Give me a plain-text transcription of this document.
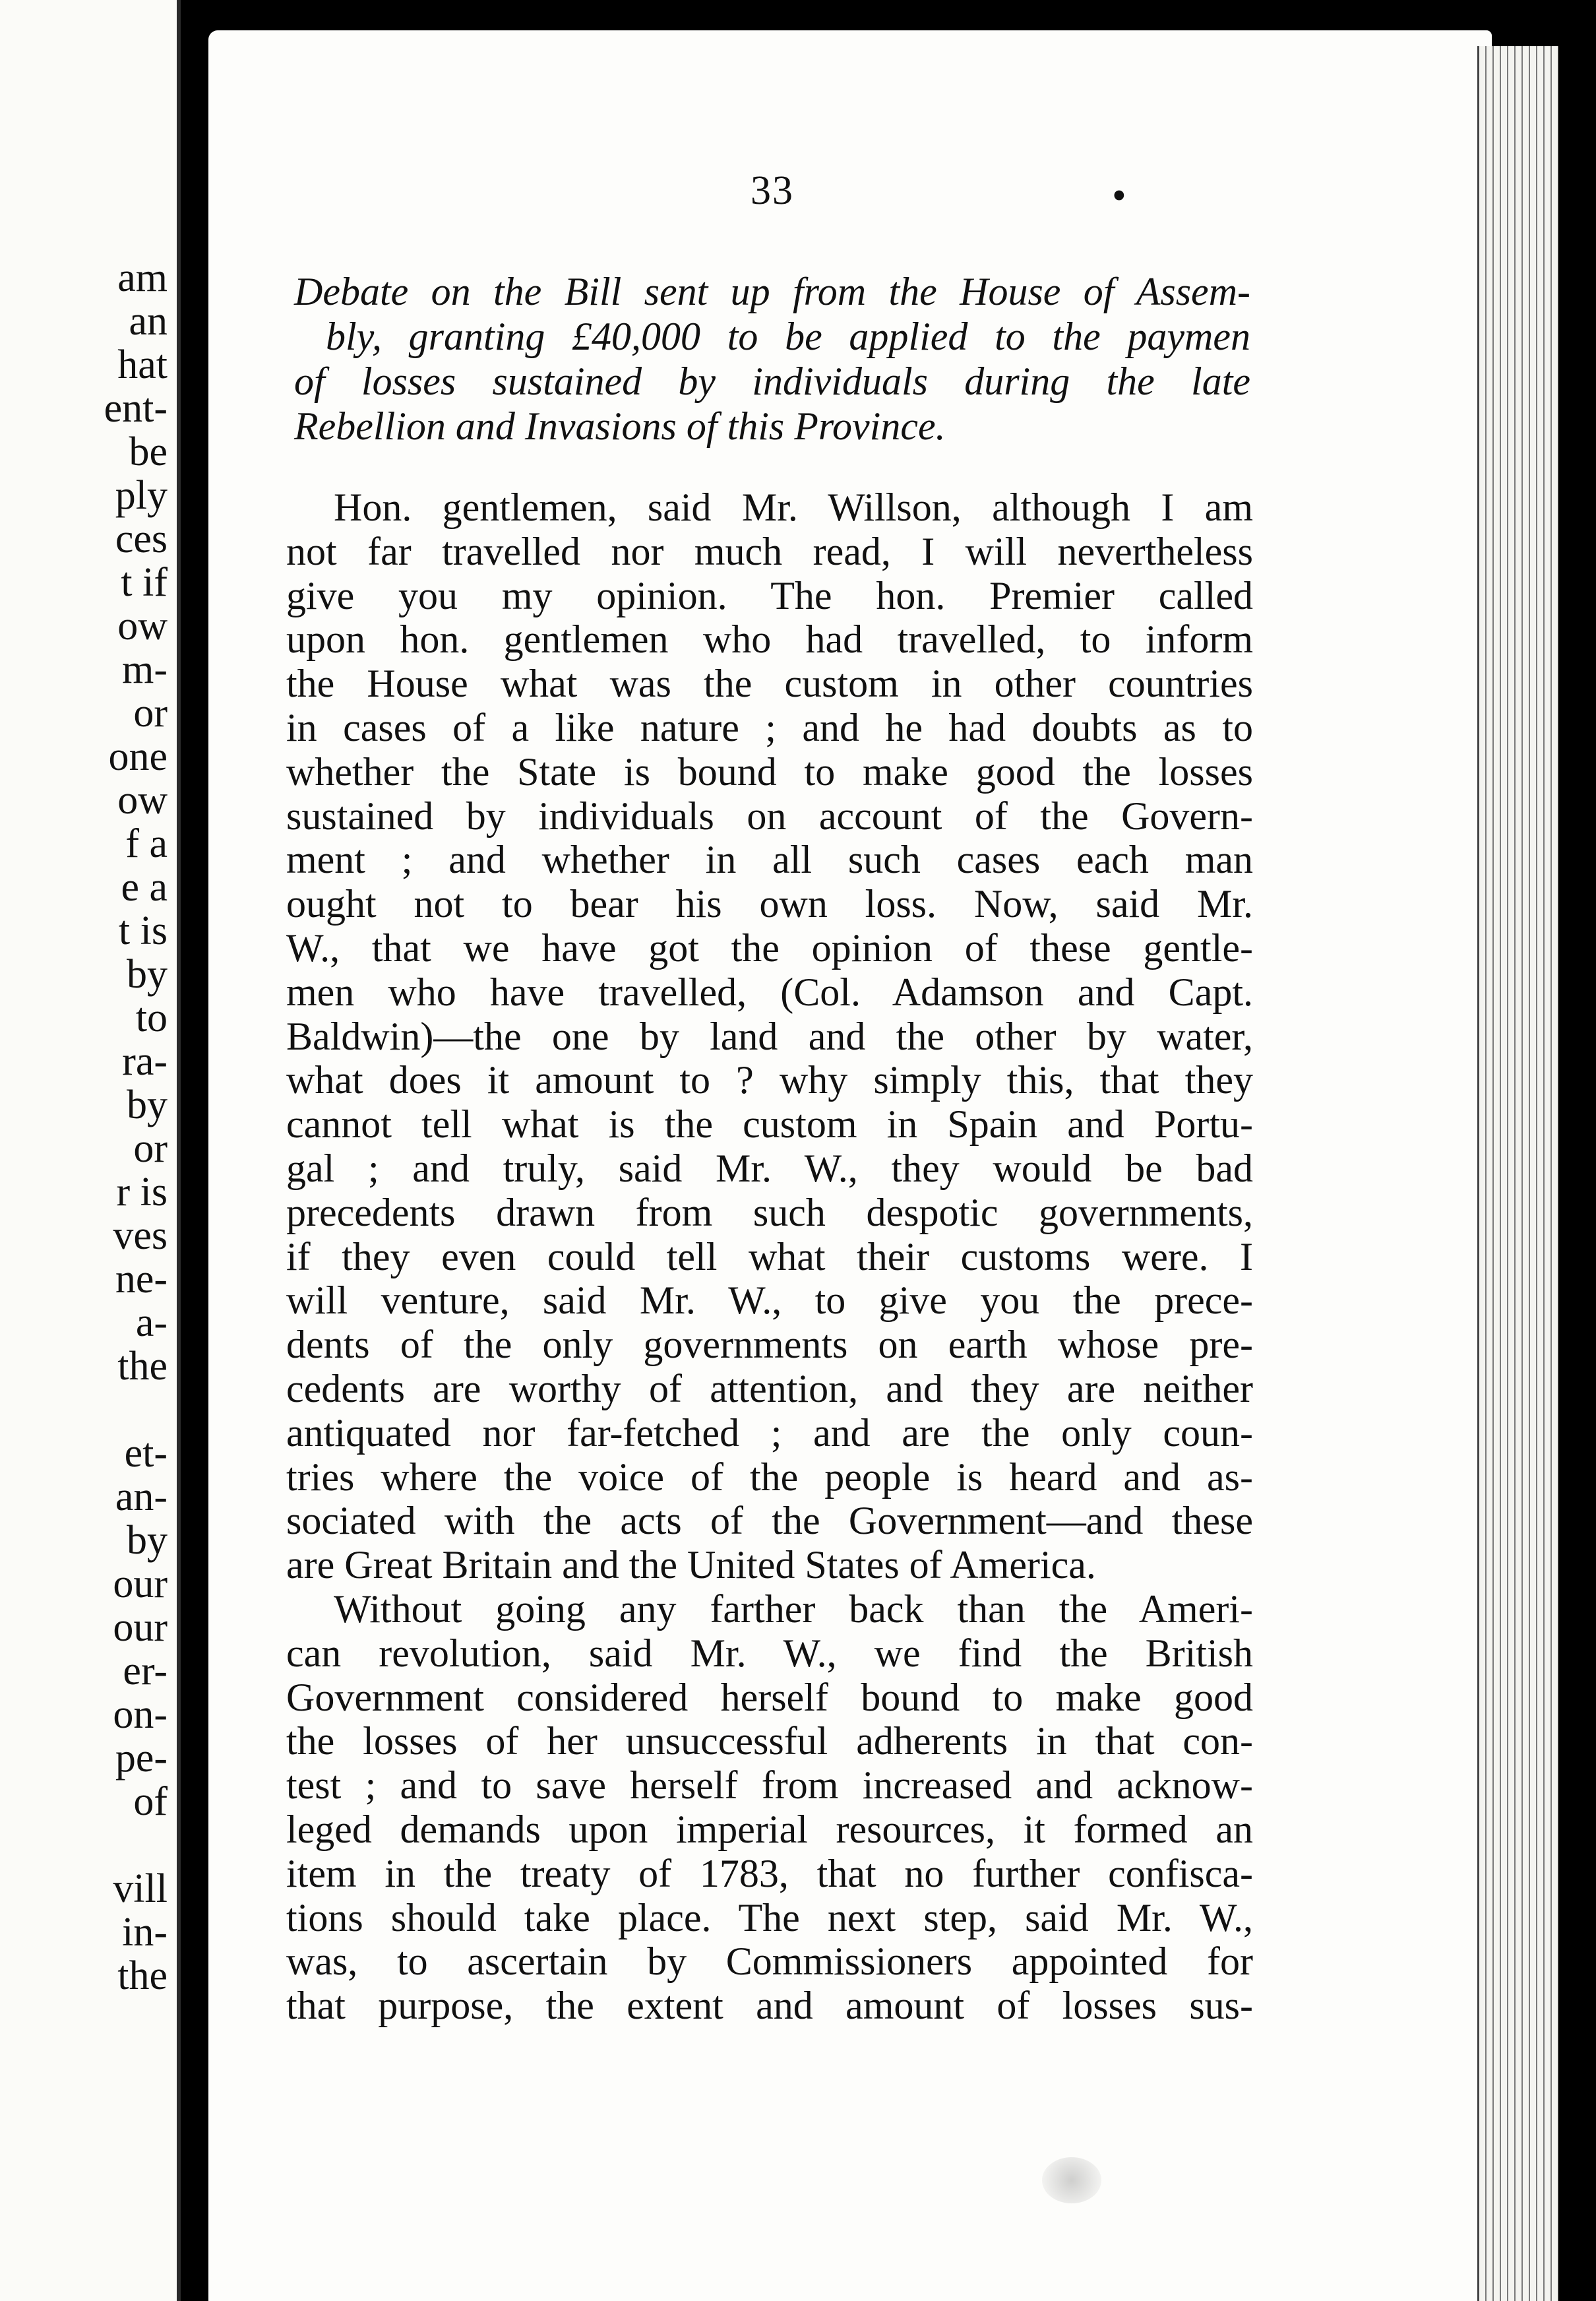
am
an
hat
ent-
be
ply
ces
t if
ow
m-
or
one
ow
f a
e a
t is
by
to
ra-
by
or
r is
ves
ne-
a-
the
et-
an-
by
our
our
er-
on-
pe-
of
vill
in-
the
33	•
Debate on the Bill sent up from the House of Assem-
bly, granting £40,000 to be applied to the paymen
of losses sustained by individuals during the late
Rebellion and Invasions of this Province.
Hon. gentlemen, said Mr. Willson, although I am
not far travelled nor much read, I will nevertheless
give you my opinion. The hon. Premier called
upon hon. gentlemen who had travelled, to inform
the House what was the custom in other countries
in cases of a like nature ; and he had doubts as to
whether the State is bound to make good the losses
sustained by individuals on account of the Govern-
ment ; and whether in all such cases each man
ought not to bear his own loss. Now, said Mr.
W., that we have got the opinion of these gentle-
men who have travelled, (Col. Adamson and Capt.
Baldwin)—the one by land and the other by water,
what does it amount to ? why simply this, that they
cannot tell what is the custom in Spain and Portu-
gal ; and truly, said Mr. W., they would be bad
precedents drawn from such despotic governments,
if they even could tell what their customs were. I
will venture, said Mr. W., to give you the prece-
dents of the only governments on earth whose pre-
cedents are worthy of attention, and they are neither
antiquated nor far-fetched ; and are the only coun-
tries where the voice of the people is heard and as-
sociated with the acts of the Government—and these
are Great Britain and the United States of America.
Without going any farther back than the Ameri-
can revolution, said Mr. W., we find the British
Government considered herself bound to make good
the losses of her unsuccessful adherents in that con-
test ; and to save herself from increased and acknow-
leged demands upon imperial resources, it formed an
item in the treaty of 1783, that no further confisca-
tions should take place. The next step, said Mr. W.,
was, to ascertain by Commissioners appointed for
that purpose, the extent and amount of losses sus-
